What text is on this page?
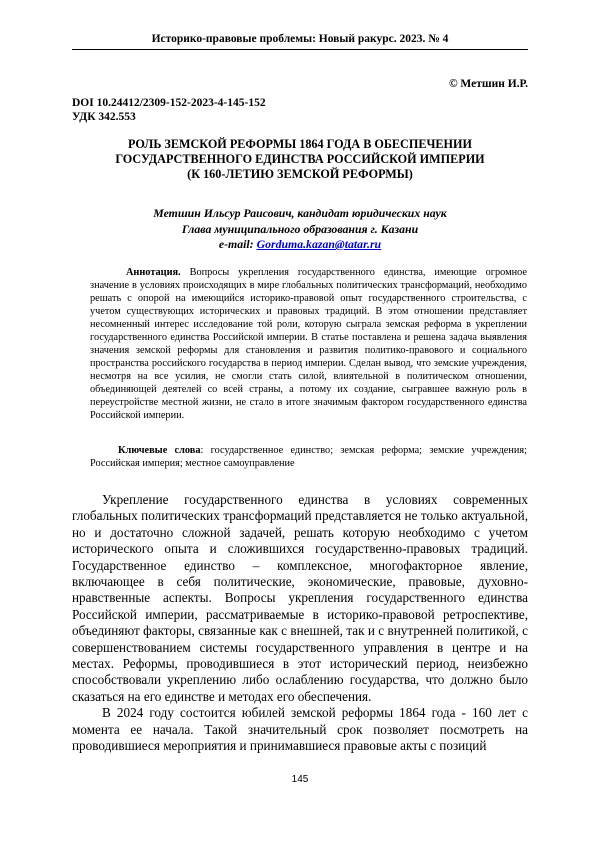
Историко-правовые проблемы: Новый ракурс. 2023. № 4
© Метшин И.Р.
DOI 10.24412/2309-152-2023-4-145-152
УДК 342.553
РОЛЬ ЗЕМСКОЙ РЕФОРМЫ 1864 ГОДА В ОБЕСПЕЧЕНИИ
ГОСУДАРСТВЕННОГО ЕДИНСТВА РОССИЙСКОЙ ИМПЕРИИ
(К 160-ЛЕТИЮ ЗЕМСКОЙ РЕФОРМЫ)
Метшин Ильсур Раисович, кандидат юридических наук
Глава муниципального образования г. Казани
e-mail: Gorduma.kazan@tatar.ru

Аннотация. Вопросы укрепления государственного единства, имеющие огромное значение в условиях происходящих в мире глобальных политических трансформаций, необходимо решать с опорой на имеющийся историко-правовой опыт государственного строительства, с учетом существующих исторических и правовых традиций. В этом отношении представляет несомненный интерес исследование той роли, которую сыграла земская реформа в укреплении государственного единства Российской империи. В статье поставлена и решена задача выявления значения земской реформы для становления и развития политико-правового и социального пространства российского государства в период империи. Сделан вывод, что земские учреждения, несмотря на все усилия, не смогли стать силой, влиятельной в политическом отношении, объединяющей деятелей со всей страны, а потому их создание, сыгравшее важную роль в переустройстве местной жизни, не стало в итоге значимым фактором государственного единства Российской империи.

Ключевые слова: государственное единство; земская реформа; земские учреждения; Российская империя; местное самоуправление

Укрепление государственного единства в условиях современных глобальных политических трансформаций представляется не только актуальной, но и достаточно сложной задачей, решать которую необходимо с учетом исторического опыта и сложившихся государственно-правовых традиций. Государственное единство – комплексное, многофакторное явление, включающее в себя политические, экономические, правовые, духовно-нравственные аспекты. Вопросы укрепления государственного единства Российской империи, рассматриваемые в историко-правовой ретроспективе, объединяют факторы, связанные как с внешней, так и с внутренней политикой, с совершенствованием системы государственного управления в центре и на местах. Реформы, проводившиеся в этот исторический период, неизбежно способствовали укреплению либо ослаблению государства, что должно было сказаться на его единстве и методах его обеспечения.

В 2024 году состоится юбилей земской реформы 1864 года - 160 лет с момента ее начала. Такой значительный срок позволяет посмотреть на проводившиеся мероприятия и принимавшиеся правовые акты с позиций

145
